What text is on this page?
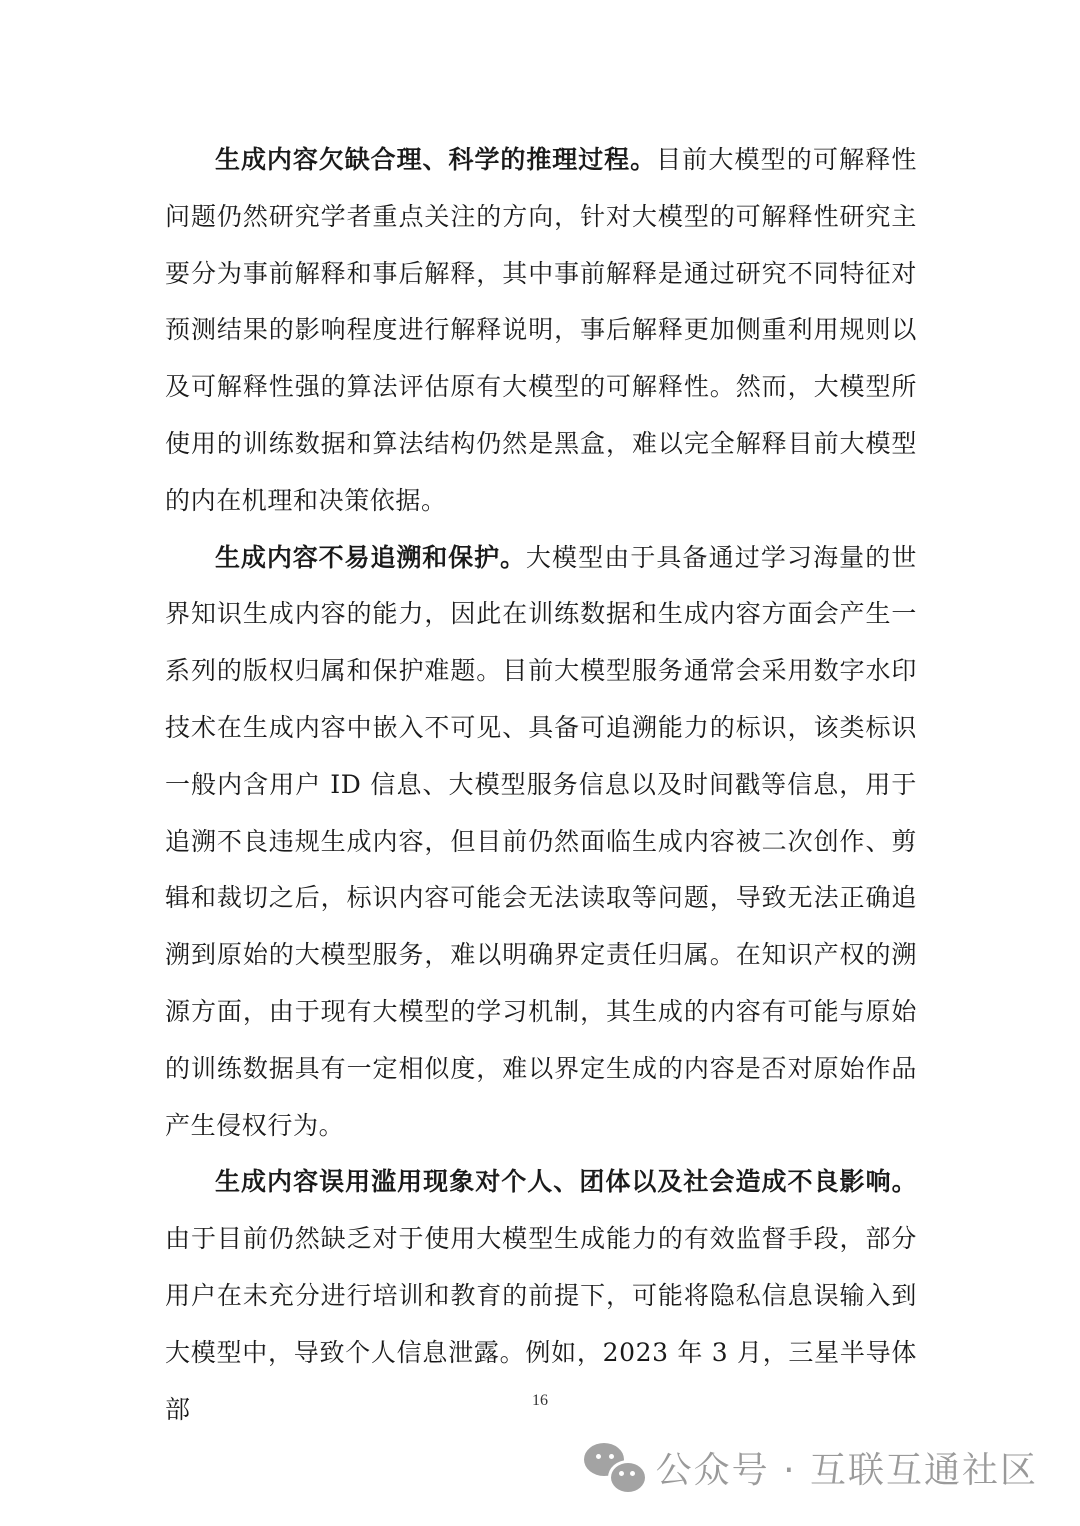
生成内容欠缺合理、科学的推理过程。目前大模型的可解释性问题仍然研究学者重点关注的方向，针对大模型的可解释性研究主要分为事前解释和事后解释，其中事前解释是通过研究不同特征对预测结果的影响程度进行解释说明，事后解释更加侧重利用规则以及可解释性强的算法评估原有大模型的可解释性。然而，大模型所使用的训练数据和算法结构仍然是黑盒，难以完全解释目前大模型的内在机理和决策依据。

生成内容不易追溯和保护。大模型由于具备通过学习海量的世界知识生成内容的能力，因此在训练数据和生成内容方面会产生一系列的版权归属和保护难题。目前大模型服务通常会采用数字水印技术在生成内容中嵌入不可见、具备可追溯能力的标识，该类标识一般内含用户 ID 信息、大模型服务信息以及时间戳等信息，用于追溯不良违规生成内容，但目前仍然面临生成内容被二次创作、剪辑和裁切之后，标识内容可能会无法读取等问题，导致无法正确追溯到原始的大模型服务，难以明确界定责任归属。在知识产权的溯源方面，由于现有大模型的学习机制，其生成的内容有可能与原始的训练数据具有一定相似度，难以界定生成的内容是否对原始作品产生侵权行为。

生成内容误用滥用现象对个人、团体以及社会造成不良影响。由于目前仍然缺乏对于使用大模型生成能力的有效监督手段，部分用户在未充分进行培训和教育的前提下，可能将隐私信息误输入到大模型中，导致个人信息泄露。例如，2023 年 3 月，三星半导体部	16
公众号 · 互联互通社区
